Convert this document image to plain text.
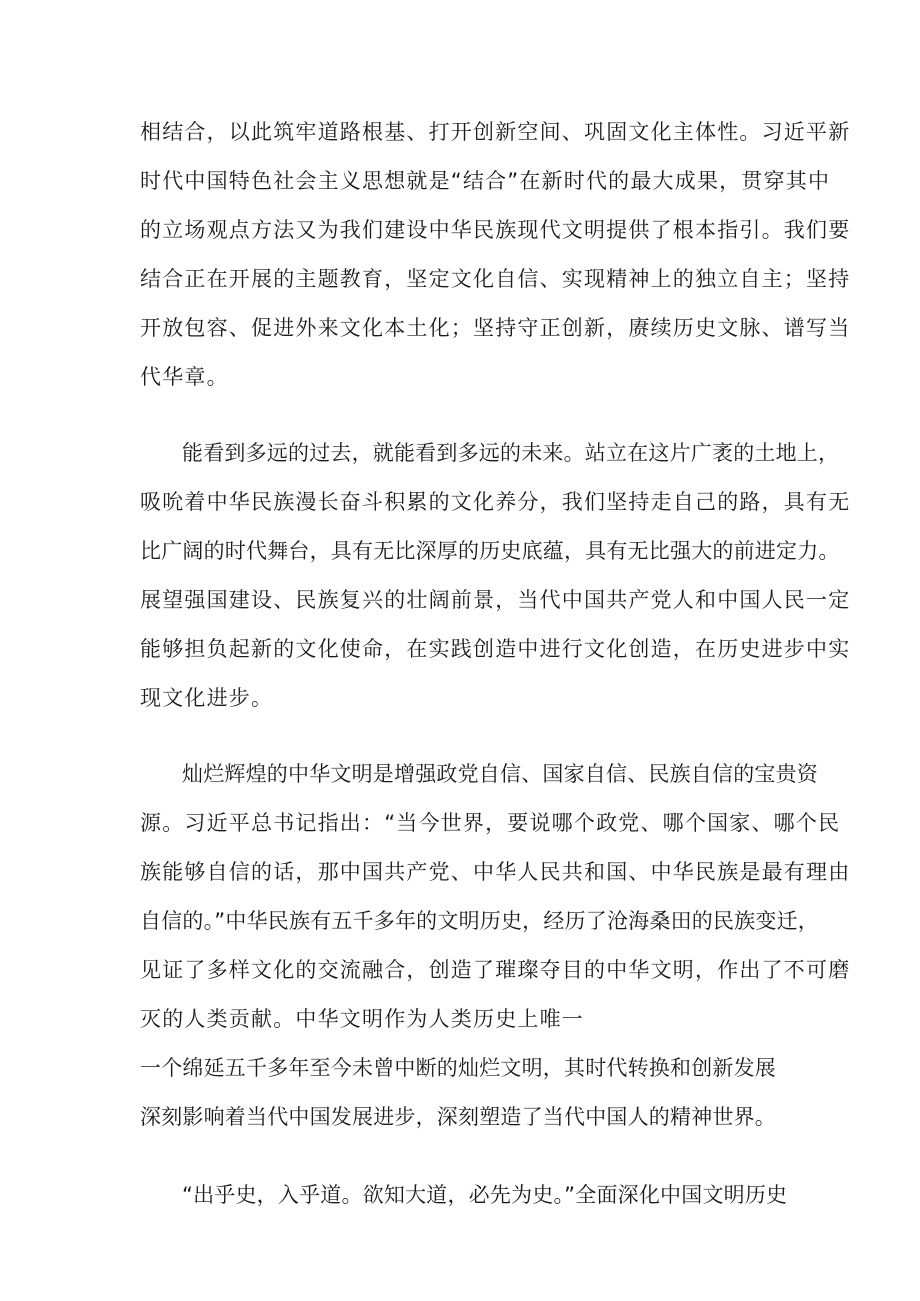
相结合，以此筑牢道路根基、打开创新空间、巩固文化主体性。习近平新
时代中国特色社会主义思想就是“结合”在新时代的最大成果，贯穿其中
的立场观点方法又为我们建设中华民族现代文明提供了根本指引。我们要
结合正在开展的主题教育，坚定文化自信、实现精神上的独立自主；坚持
开放包容、促进外来文化本土化；坚持守正创新，赓续历史文脉、谱写当
代华章。
能看到多远的过去，就能看到多远的未来。站立在这片广袤的土地上，
吸吮着中华民族漫长奋斗积累的文化养分，我们坚持走自己的路，具有无
比广阔的时代舞台，具有无比深厚的历史底蕴，具有无比强大的前进定力。
展望强国建设、民族复兴的壮阔前景，当代中国共产党人和中国人民一定
能够担负起新的文化使命，在实践创造中进行文化创造，在历史进步中实
现文化进步。
灿烂辉煌的中华文明是增强政党自信、国家自信、民族自信的宝贵资
源。习近平总书记指出：“当今世界，要说哪个政党、哪个国家、哪个民
族能够自信的话，那中国共产党、中华人民共和国、中华民族是最有理由
自信的。”中华民族有五千多年的文明历史，经历了沧海桑田的民族变迁，
见证了多样文化的交流融合，创造了璀璨夺目的中华文明，作出了不可磨
灭的人类贡献。中华文明作为人类历史上唯一
一个绵延五千多年至今未曾中断的灿烂文明，其时代转换和创新发展
深刻影响着当代中国发展进步，深刻塑造了当代中国人的精神世界。
“出乎史，入乎道。欲知大道，必先为史。”全面深化中国文明历史
